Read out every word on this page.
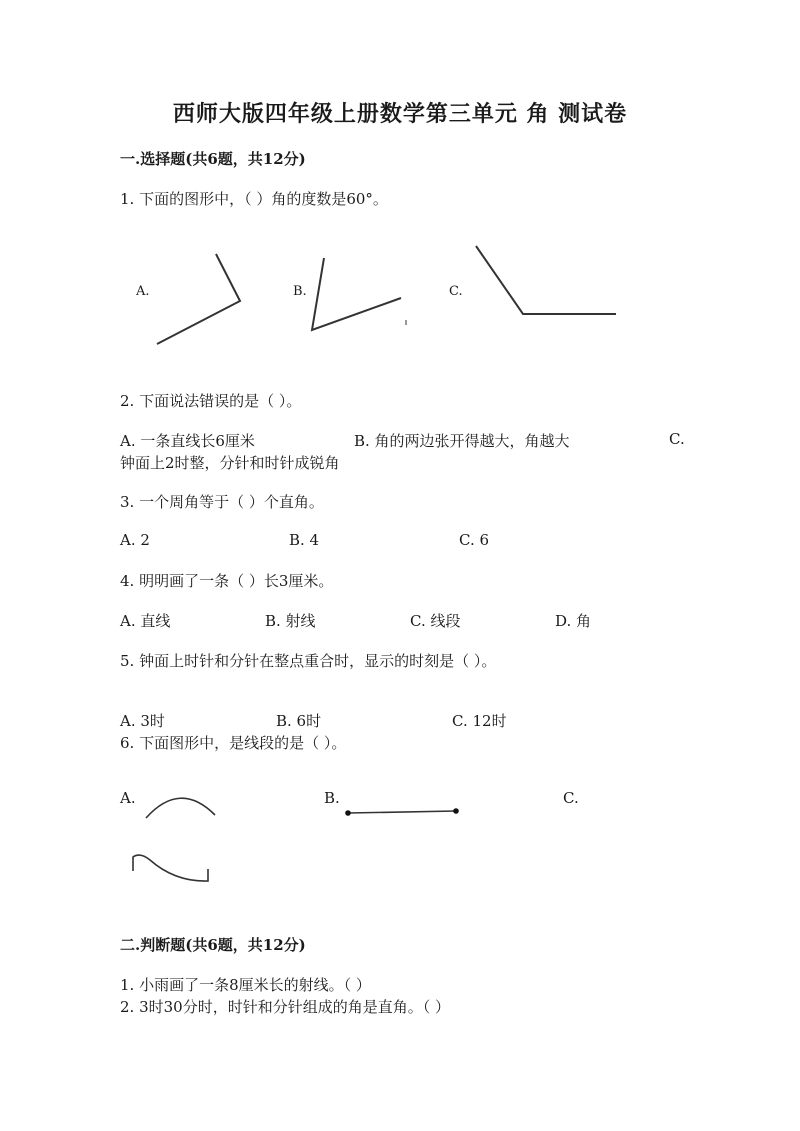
西师大版四年级上册数学第三单元 角 测试卷
一.选择题(共6题，共12分)
1. 下面的图形中，（ ）角的度数是60°。
A.	B.	C.
2. 下面说法错误的是（ ）。
A. 一条直线长6厘米	B. 角的两边张开得越大，角越大	C.
钟面上2时整，分针和时针成锐角
3. 一个周角等于（ ）个直角。
A. 2	B. 4	C. 6
4. 明明画了一条（ ）长3厘米。
A. 直线	B. 射线	C. 线段	D. 角
5. 钟面上时针和分针在整点重合时，显示的时刻是（ ）。
A. 3时	B. 6时	C. 12时
6. 下面图形中，是线段的是（ ）。
A.	B.	C.
二.判断题(共6题，共12分)
1. 小雨画了一条8厘米长的射线。（ ）
2. 3时30分时，时针和分针组成的角是直角。（ ）
